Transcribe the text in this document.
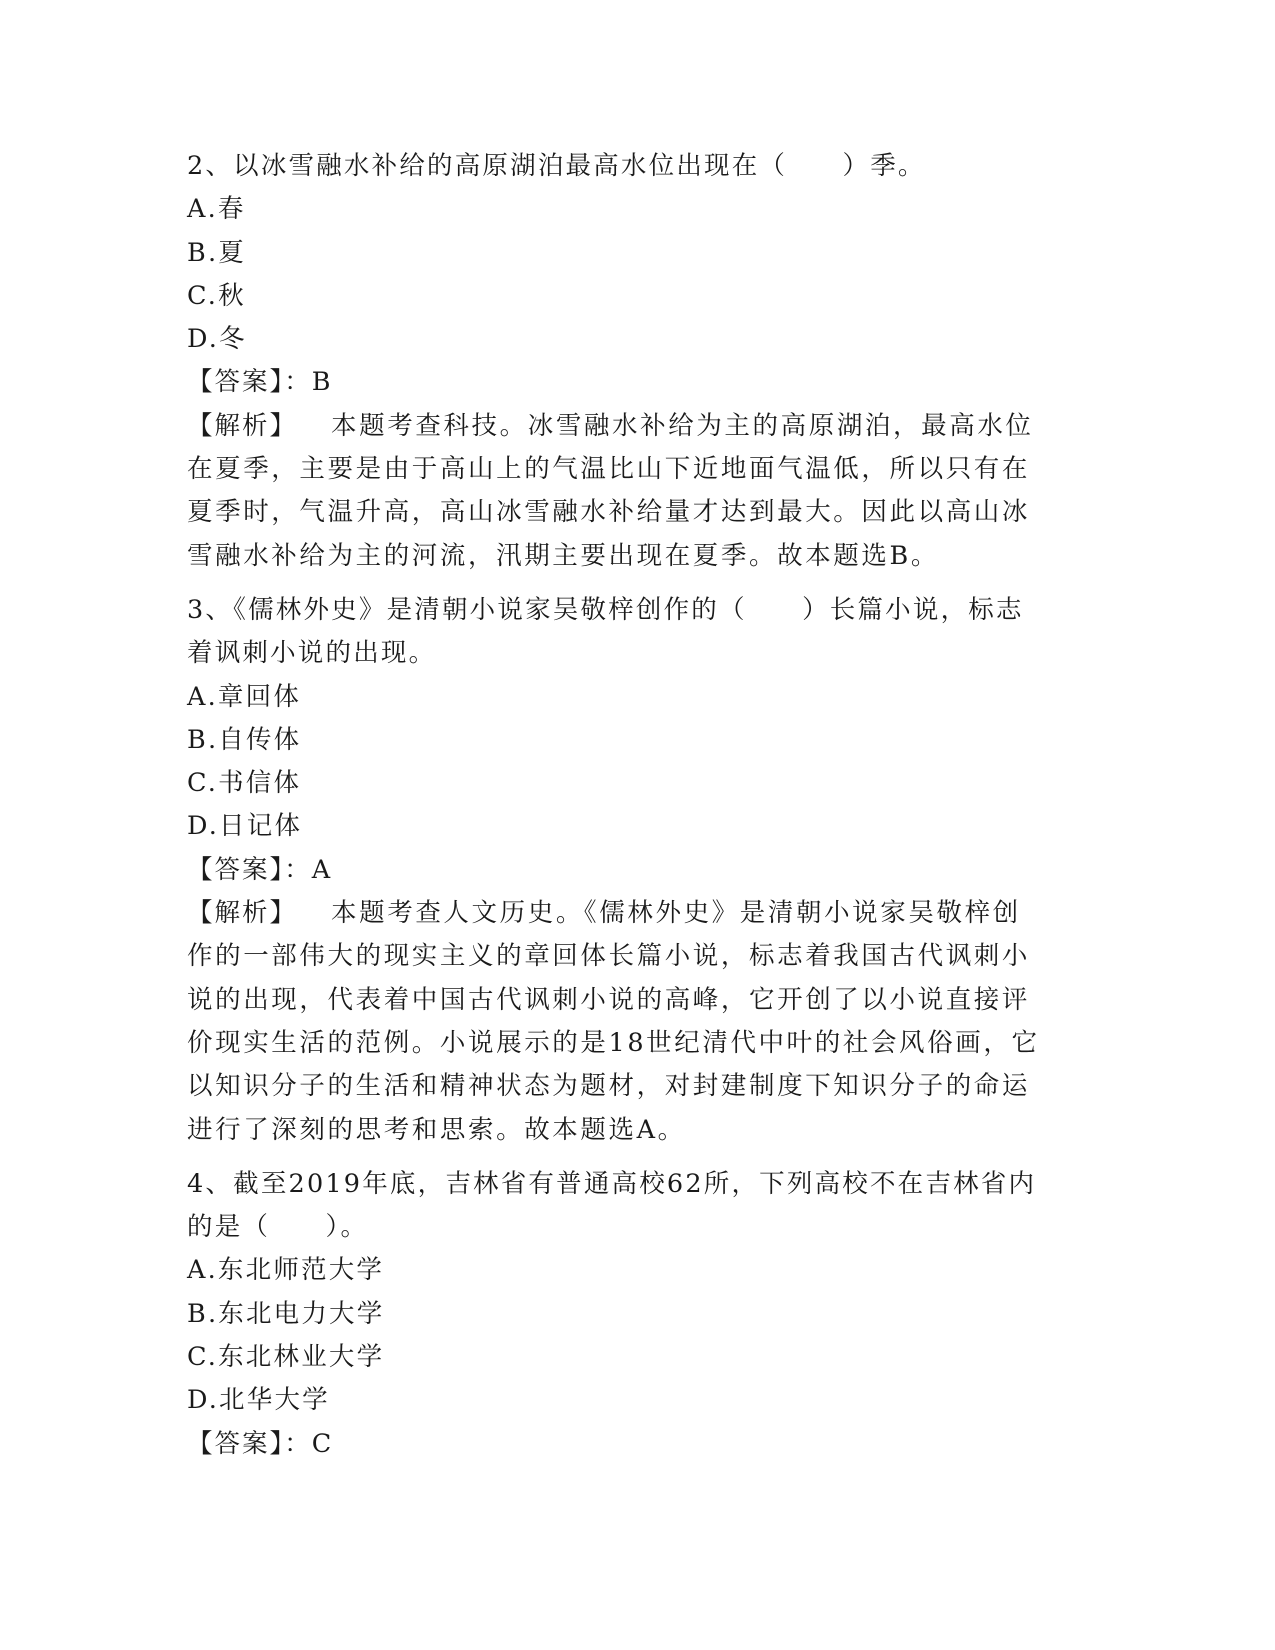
2、以冰雪融水补给的高原湖泊最高水位出现在（　　）季。
A.春
B.夏
C.秋
D.冬
【答案】：B
【解析】 本题考查科技。冰雪融水补给为主的高原湖泊，最高水位
在夏季，主要是由于高山上的气温比山下近地面气温低，所以只有在
夏季时，气温升高，高山冰雪融水补给量才达到最大。因此以高山冰
雪融水补给为主的河流，汛期主要出现在夏季。故本题选B。
3、《儒林外史》是清朝小说家吴敬梓创作的（　　）长篇小说，标志
着讽刺小说的出现。
A.章回体
B.自传体
C.书信体
D.日记体
【答案】：A
【解析】 本题考查人文历史。《儒林外史》是清朝小说家吴敬梓创
作的一部伟大的现实主义的章回体长篇小说，标志着我国古代讽刺小
说的出现，代表着中国古代讽刺小说的高峰，它开创了以小说直接评
价现实生活的范例。小说展示的是18世纪清代中叶的社会风俗画，它
以知识分子的生活和精神状态为题材，对封建制度下知识分子的命运
进行了深刻的思考和思索。故本题选A。
4、截至2019年底，吉林省有普通高校62所，下列高校不在吉林省内
的是（　　）。
A.东北师范大学
B.东北电力大学
C.东北林业大学
D.北华大学
【答案】：C
